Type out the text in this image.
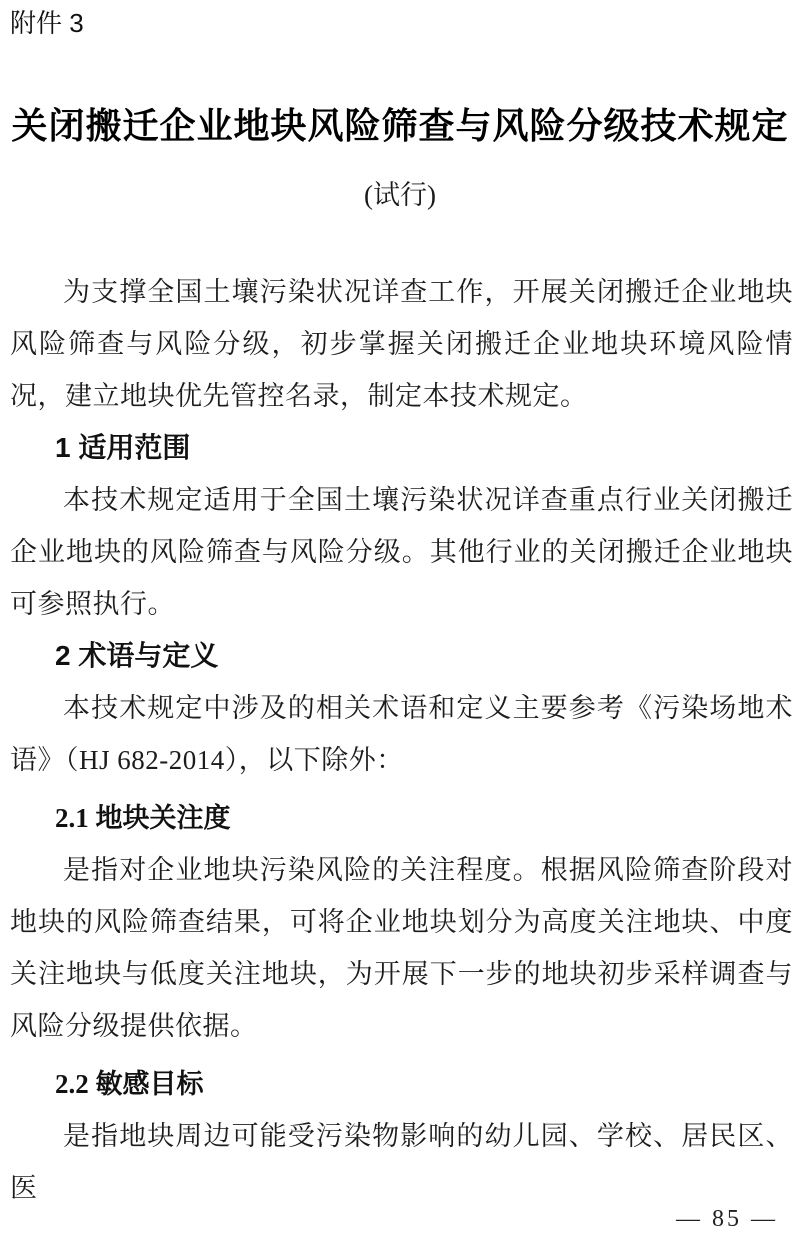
附件 3
关闭搬迁企业地块风险筛查与风险分级技术规定
(试行)
为支撑全国土壤污染状况详查工作，开展关闭搬迁企业地块风险筛查与风险分级，初步掌握关闭搬迁企业地块环境风险情况，建立地块优先管控名录，制定本技术规定。
1 适用范围
本技术规定适用于全国土壤污染状况详查重点行业关闭搬迁企业地块的风险筛查与风险分级。其他行业的关闭搬迁企业地块可参照执行。
2 术语与定义
本技术规定中涉及的相关术语和定义主要参考《污染场地术语》（HJ 682-2014），以下除外：
2.1 地块关注度
是指对企业地块污染风险的关注程度。根据风险筛查阶段对地块的风险筛查结果，可将企业地块划分为高度关注地块、中度关注地块与低度关注地块，为开展下一步的地块初步采样调查与风险分级提供依据。
2.2 敏感目标
是指地块周边可能受污染物影响的幼儿园、学校、居民区、医
— 85 —
